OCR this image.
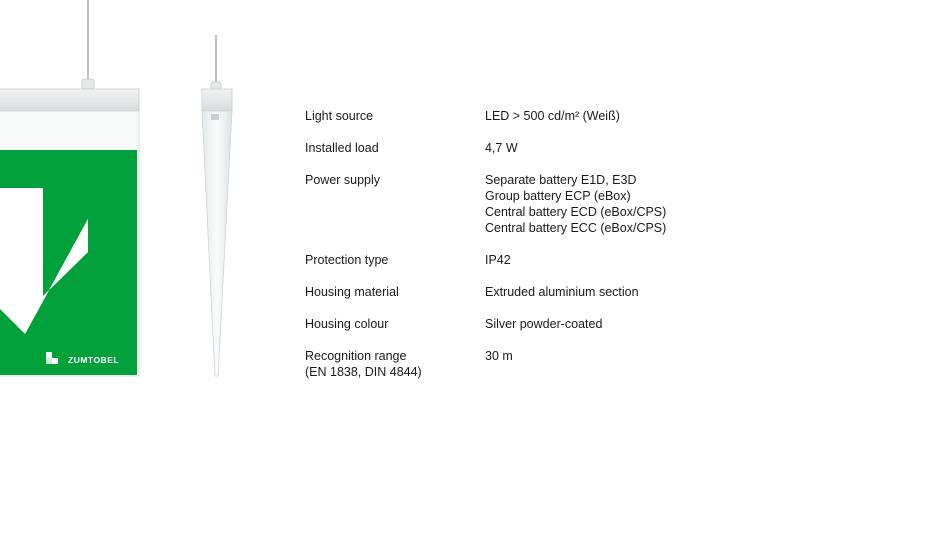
ZUMTOBEL
Light source	LED > 500 cd/m² (Weiß)

Installed load	4,7 W

Power supply	Separate battery E1D, E3D
Group battery ECP (eBox)
Central battery ECD (eBox/CPS)
Central battery ECC (eBox/CPS)

Protection type	IP42

Housing material	Extruded aluminium section

Housing colour	Silver powder-coated

Recognition range
(EN 1838, DIN 4844)	30 m
